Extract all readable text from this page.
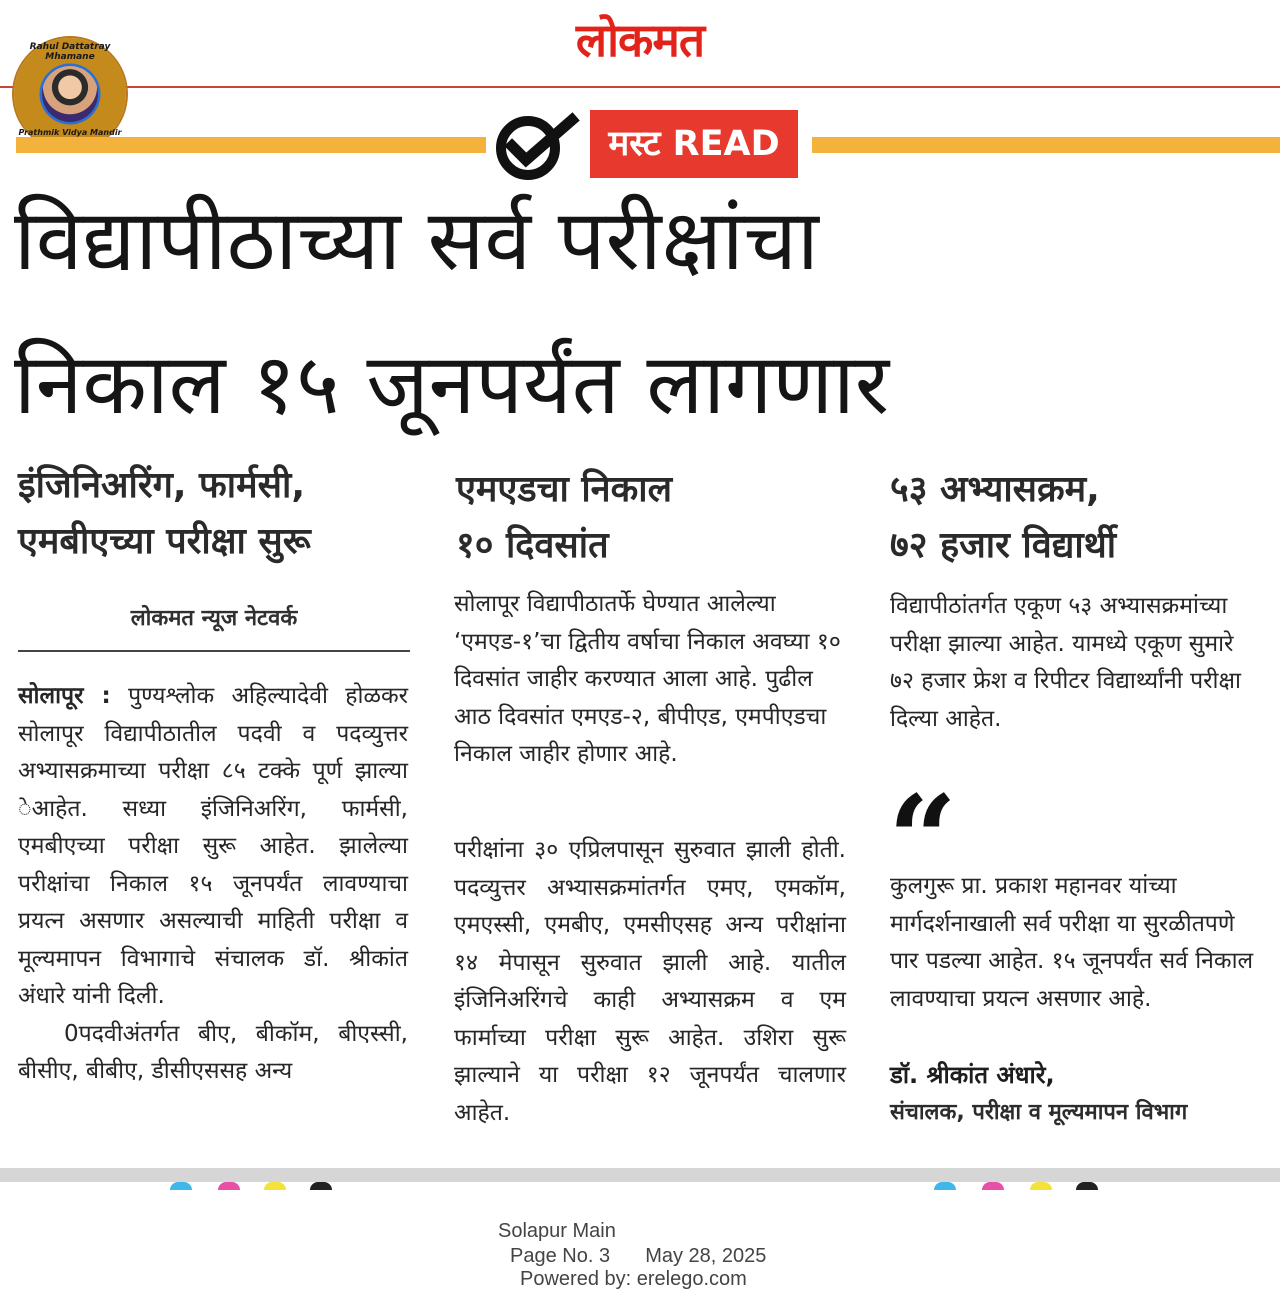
लोकमत
Rahul Dattatray Mhamane
Prathmik Vidya Mandir	मस्ट READ
विद्यापीठाच्या सर्व परीक्षांचा
निकाल १५ जूनपर्यंत लागणार
इंजिनिअरिंग, फार्मसी,
एमबीएच्या परीक्षा सुरू
लोकमत न्यूज नेटवर्क
सोलापूर : पुण्यश्लोक अहिल्यादेवी होळकर सोलापूर विद्यापीठातील पदवी व पदव्युत्तर अभ्यासक्रमाच्या परीक्षा ८५ टक्के पूर्ण झाल्या ेआहेत. सध्या इंजिनिअरिंग, फार्मसी, एमबीएच्या परीक्षा सुरू आहेत. झालेल्या परीक्षांचा निकाल १५ जूनपर्यंत लावण्याचा प्रयत्न असणार असल्याची माहिती परीक्षा व मूल्यमापन विभागाचे संचालक डॉ. श्रीकांत अंधारे यांनी दिली.
0पदवीअंतर्गत बीए, बीकॉम, बीएस्सी, बीसीए, बीबीए, डीसीएससह अन्य
एमएडचा निकाल
१० दिवसांत

सोलापूर विद्यापीठातर्फे घेण्यात आलेल्या ‘एमएड-१’चा द्वितीय वर्षाचा निकाल अवघ्या १० दिवसांत जाहीर करण्यात आला आहे. पुढील आठ दिवसांत एमएड-२, बीपीएड, एमपीएडचा निकाल जाहीर होणार आहे.

परीक्षांना ३० एप्रिलपासून सुरुवात झाली होती. पदव्युत्तर अभ्यासक्रमांतर्गत एमए, एमकॉम, एमएस्सी, एमबीए, एमसीएसह अन्य परीक्षांना १४ मेपासून सुरुवात झाली आहे. यातील इंजिनिअरिंगचे काही अभ्यासक्रम व एम फार्माच्या परीक्षा सुरू आहेत. उशिरा सुरू झाल्याने या परीक्षा १२ जूनपर्यंत चालणार आहेत.

५३ अभ्यासक्रम,
७२ हजार विद्यार्थी

विद्यापीठांतर्गत एकूण ५३ अभ्यासक्रमांच्या परीक्षा झाल्या आहेत. यामध्ये एकूण सुमारे ७२ हजार फ्रेश व रिपीटर विद्यार्थ्यांनी परीक्षा दिल्या आहेत.

“

कुलगुरू प्रा. प्रकाश महानवर यांच्या मार्गदर्शनाखाली सर्व परीक्षा या सुरळीतपणे पार पडल्या आहेत. १५ जूनपर्यंत सर्व निकाल लावण्याचा प्रयत्न असणार आहे.

डॉ. श्रीकांत अंधारे,
संचालक, परीक्षा व मूल्यमापन विभाग
Solapur Main
Page No. 3 May 28, 2025
Powered by: erelego.com
